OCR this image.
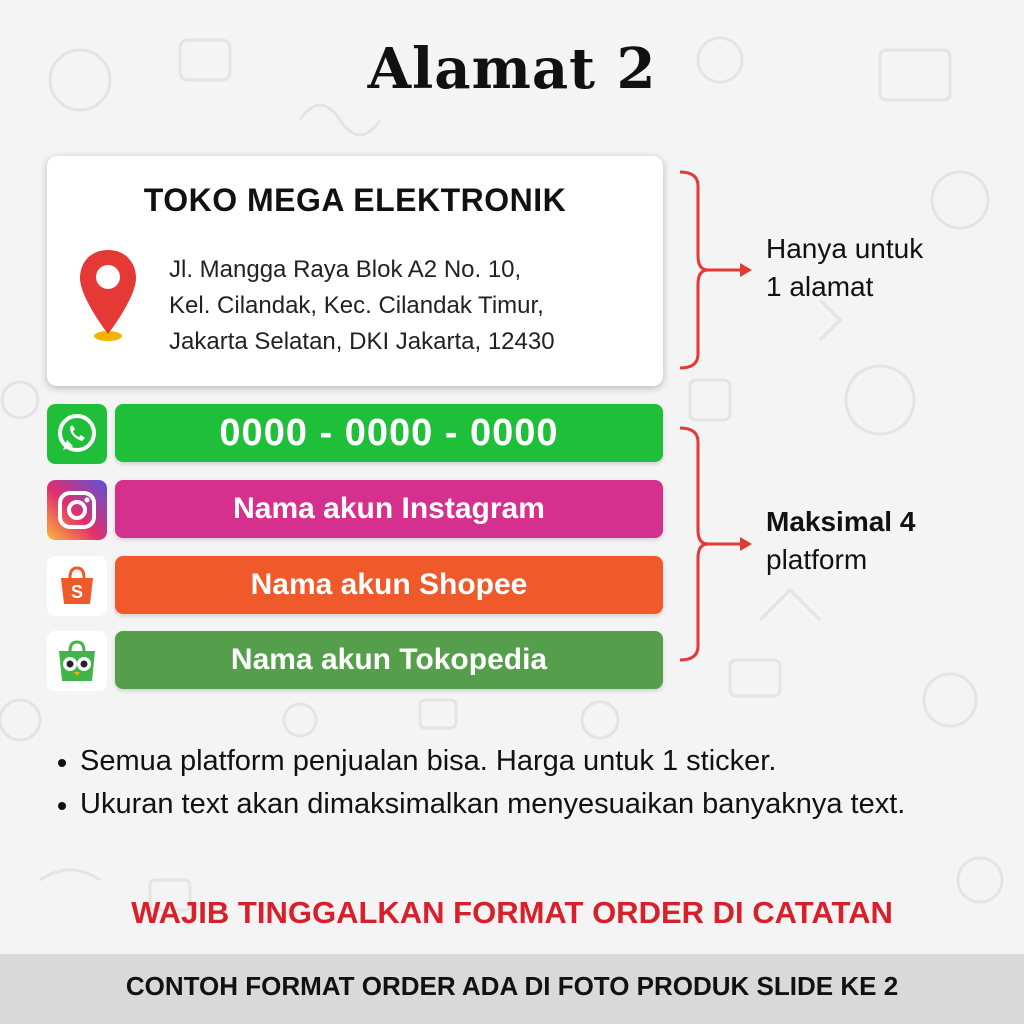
Alamat 2
TOKO MEGA ELEKTRONIK
Jl. Mangga Raya Blok A2 No. 10,
Kel. Cilandak, Kec. Cilandak Timur,
Jakarta Selatan, DKI Jakarta, 12430
0000 - 0000 - 0000
Nama akun Instagram
S	Nama akun Shopee
Nama akun Tokopedia
Hanya untuk
1 alamat
Maksimal 4
platform
Semua platform penjualan bisa. Harga untuk 1 sticker.
Ukuran text akan dimaksimalkan menyesuaikan banyaknya text.
WAJIB TINGGALKAN FORMAT ORDER DI CATATAN
CONTOH FORMAT ORDER ADA DI FOTO PRODUK SLIDE KE 2
